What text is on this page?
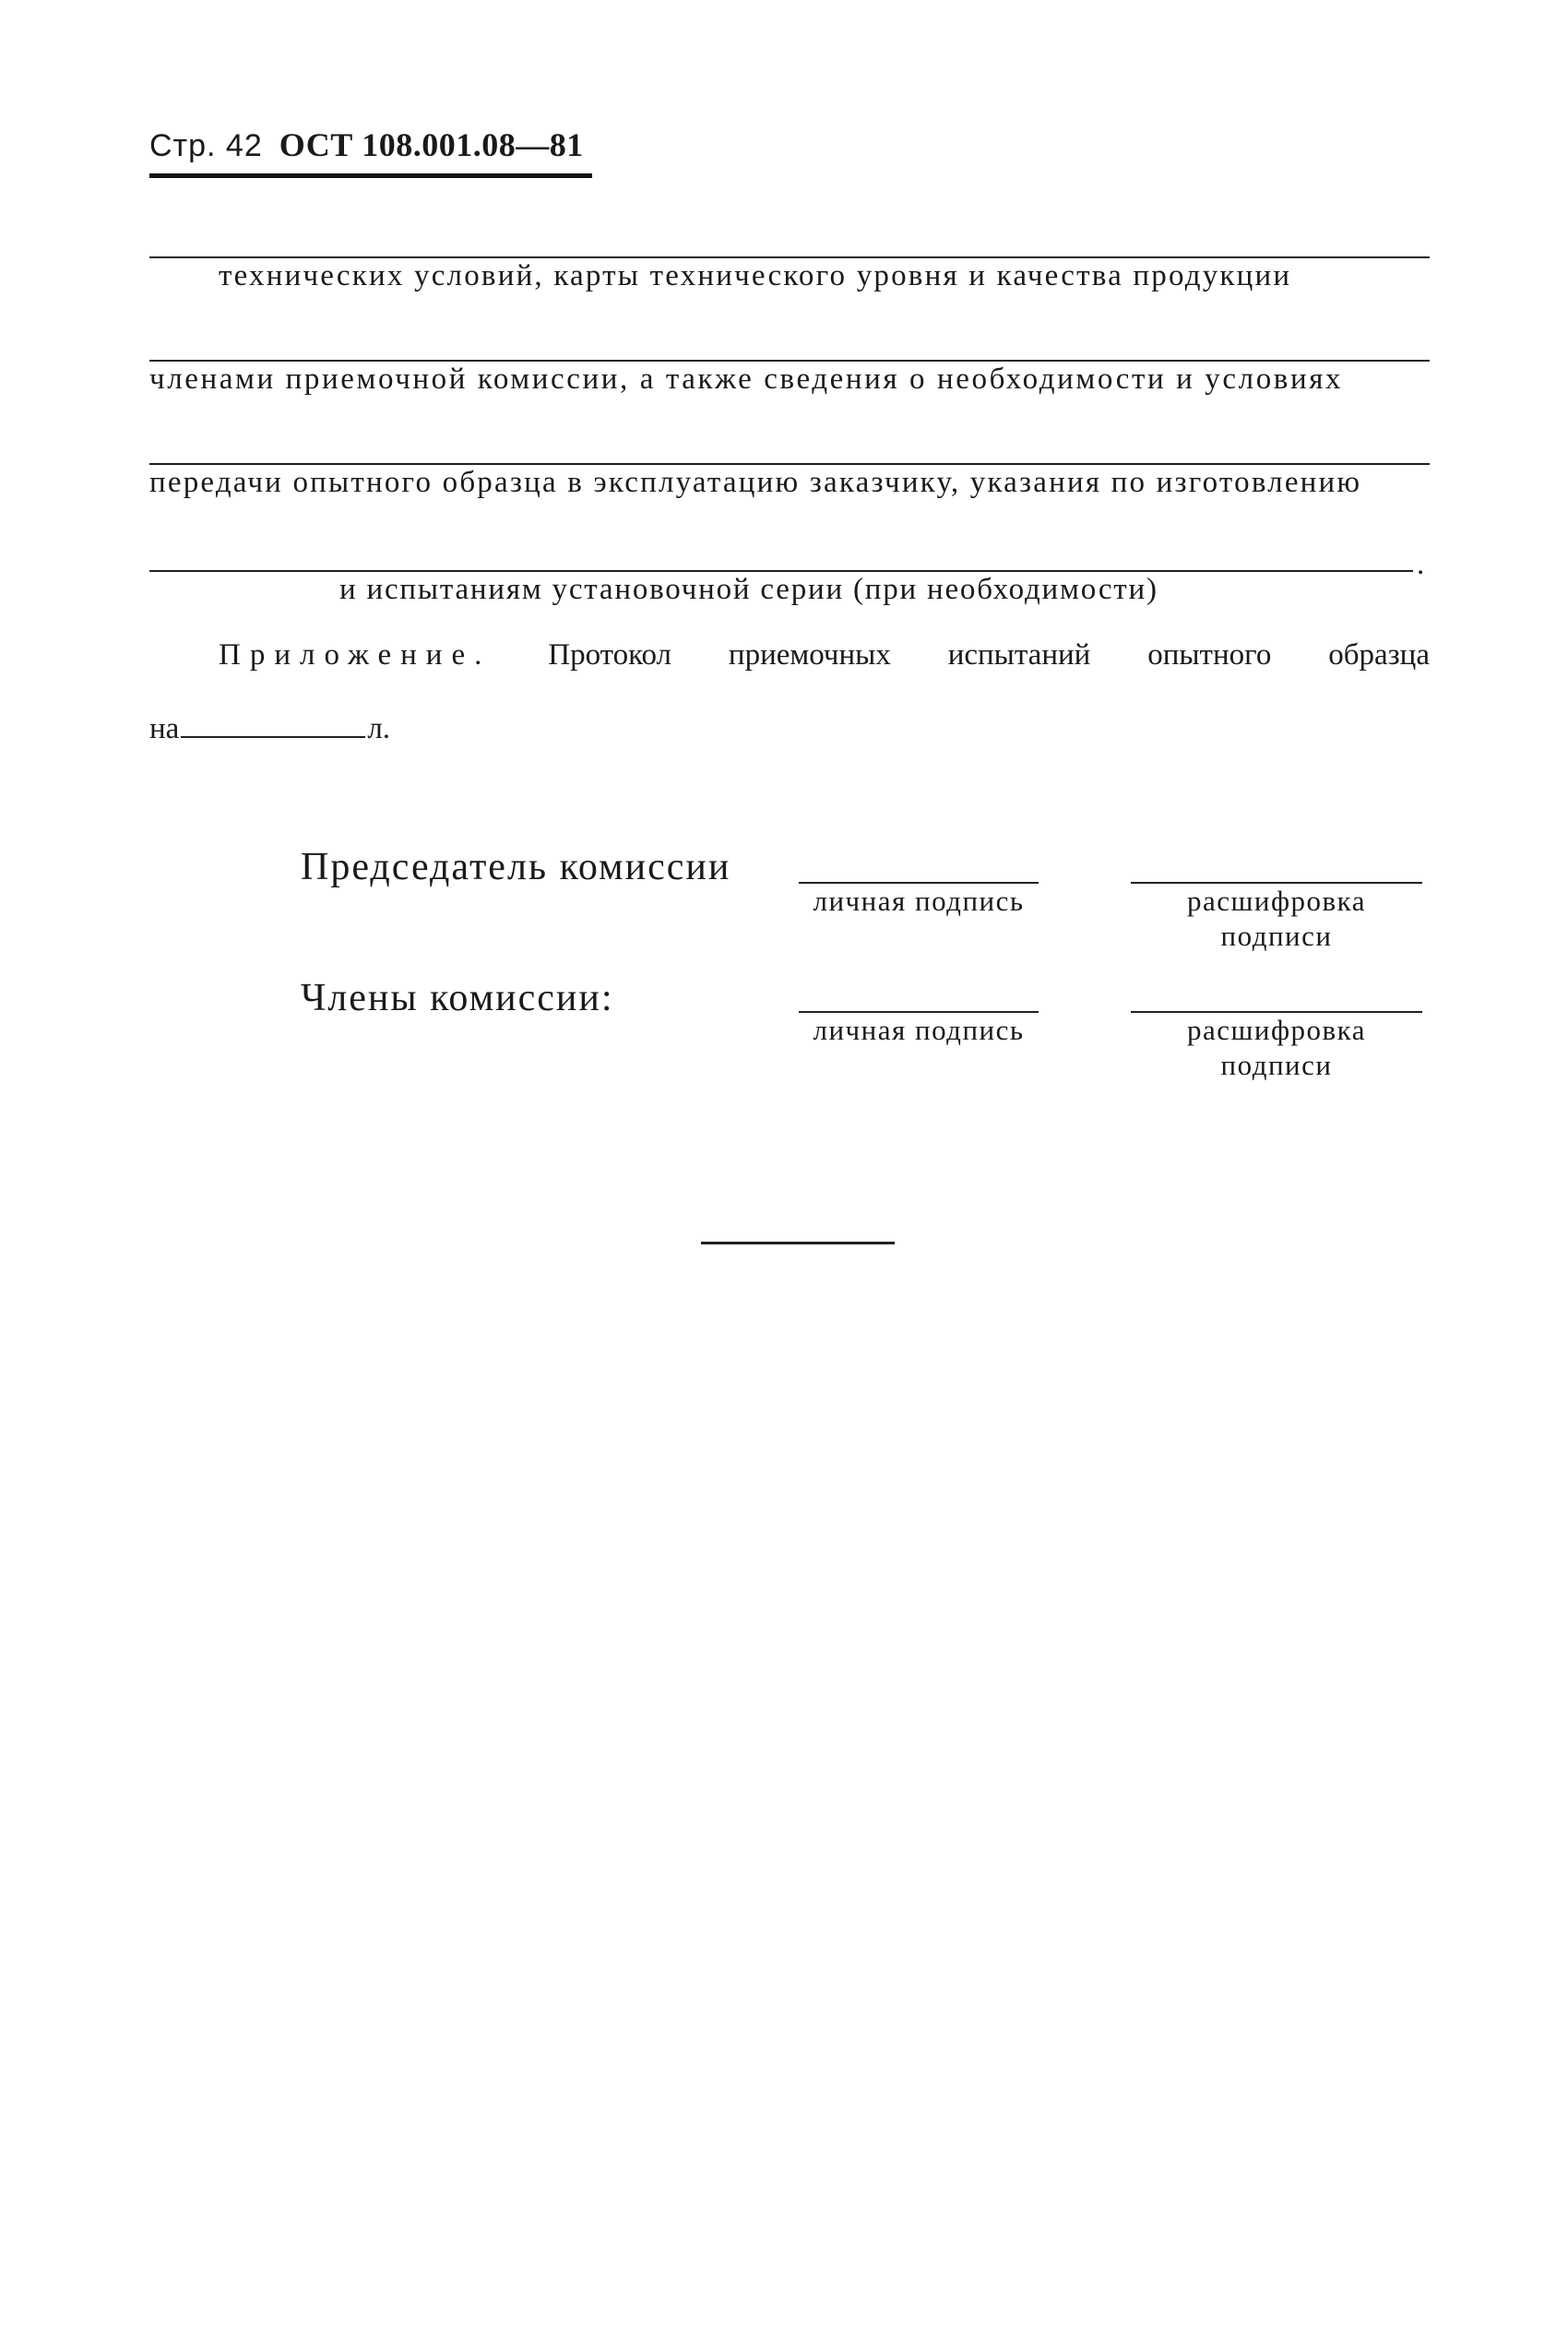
Стр. 42 ОСТ 108.001.08—81
технических условий, карты технического уровня и качества продукции
членами приемочной комиссии, а также сведения о необходимости и условиях
передачи опытного образца в эксплуатацию заказчику, указания по изготовлению
.
и испытаниям установочной серии (при необходимости)
Приложение. Протокол приемочных испытаний опытного образца
на	л.
Председатель комиссии
личная подпись	расшифровка
подписи
Члены комиссии:
личная подпись	расшифровка
подписи
